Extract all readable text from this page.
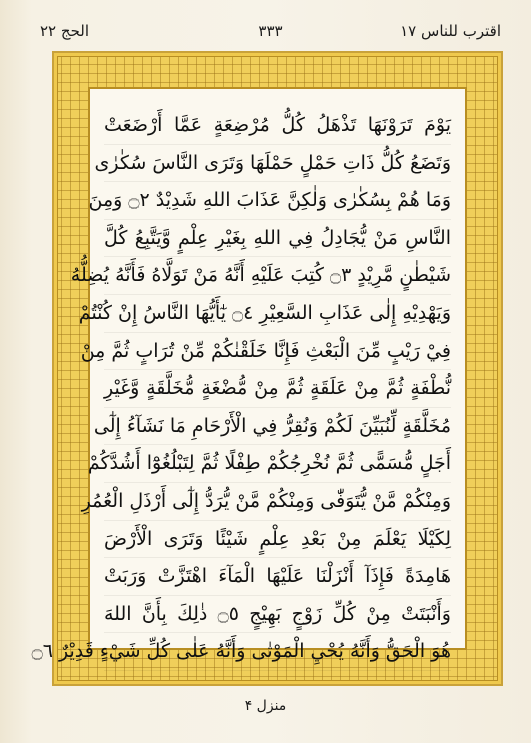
اقترب للناس ۱۷
٣٣٣
الحج ٢٢
يَوْمَ تَرَوْنَهَا تَذْهَلُ كُلُّ مُرْضِعَةٍ عَمَّا أَرْضَعَتْ
وَتَضَعُ كُلُّ ذَاتِ حَمْلٍ حَمْلَهَا وَتَرَى النَّاسَ سُكٰرٰى
وَمَا هُمْ بِسُكٰرٰى وَلٰكِنَّ عَذَابَ اللهِ شَدِيْدٌ ۝٢ وَمِنَ
النَّاسِ مَنْ يُّجَادِلُ فِي اللهِ بِغَيْرِ عِلْمٍ وَّيَتَّبِعُ كُلَّ
شَيْطٰنٍ مَّرِيْدٍ ۝٣ كُتِبَ عَلَيْهِ أَنَّهُ مَنْ تَوَلَّاهُ فَأَنَّهُ يُضِلُّهُ
وَيَهْدِيْهِ إِلٰى عَذَابِ السَّعِيْرِ ۝٤ يٰٓأَيُّهَا النَّاسُ إِنْ كُنْتُمْ
فِيْ رَيْبٍ مِّنَ الْبَعْثِ فَإِنَّا خَلَقْنٰكُمْ مِّنْ تُرَابٍ ثُمَّ مِنْ
نُّطْفَةٍ ثُمَّ مِنْ عَلَقَةٍ ثُمَّ مِنْ مُّضْغَةٍ مُّخَلَّقَةٍ وَّغَيْرِ
مُخَلَّقَةٍ لِّنُبَيِّنَ لَكُمْ وَنُقِرُّ فِي الْأَرْحَامِ مَا نَشَآءُ إِلٰٓى
أَجَلٍ مُّسَمًّى ثُمَّ نُخْرِجُكُمْ طِفْلًا ثُمَّ لِتَبْلُغُوْٓا أَشُدَّكُمْ
وَمِنْكُمْ مَّنْ يُّتَوَفّٰى وَمِنْكُمْ مَّنْ يُّرَدُّ إِلٰٓى أَرْذَلِ الْعُمُرِ
لِكَيْلَا يَعْلَمَ مِنْ بَعْدِ عِلْمٍ شَيْئًا وَتَرَى الْأَرْضَ
هَامِدَةً فَإِذَآ أَنْزَلْنَا عَلَيْهَا الْمَآءَ اهْتَزَّتْ وَرَبَتْ
وَأَنْبَتَتْ مِنْ كُلِّ زَوْجٍ بَهِيْجٍ ۝٥ ذٰلِكَ بِأَنَّ اللهَ
هُوَ الْحَقُّ وَأَنَّهُ يُحْيِ الْمَوْتٰى وَأَنَّهُ عَلٰى كُلِّ شَيْءٍ قَدِيْرٌ ۝٦
منزل ۴
